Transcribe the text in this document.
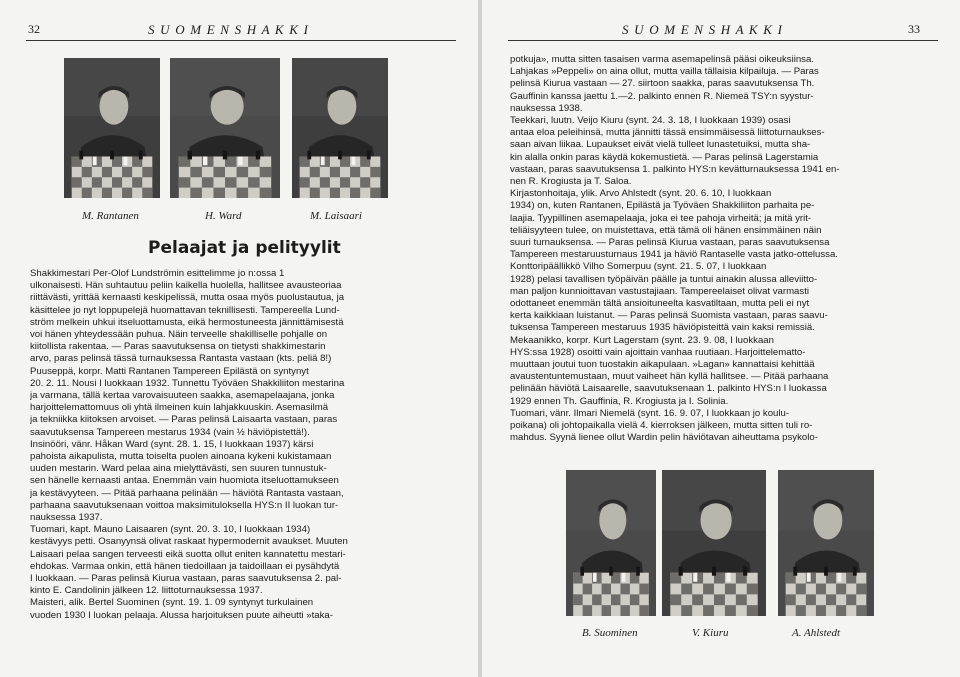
32	S U O M E N S H A K K I
M. Rantanen	H. Ward	M. Laisaari
Pelaajat ja pelityylit

Shakkimestari Per-Olof Lundströmin esittelimme jo n:ossa 1

ulkonaisesti. Hän suhtautuu peliin kaikella huolella, hallitsee avausteoriaa

riittävästi, yrittää kernaasti keskipelissä, mutta osaa myös puolustautua, ja

käsittelee jo nyt loppupelejä huomattavan teknillisesti. Tampereella Lund-

ström melkein uhkui itseluottamusta, eikä hermostuneesta jännittämisestä

voi hänen yhteydessään puhua. Näin terveelle shakilliselle pohjalle on

kiitollista rakentaa. — Paras saavutuksensa on tietysti shakkimestarin

arvo, paras pelinsä tässä turnauksessa Rantasta vastaan (kts. peliä 8!)

Puuseppä, korpr. Matti Rantanen Tampereen Epilästä on syntynyt

20. 2. 11. Nousi I luokkaan 1932. Tunnettu Työväen Shakkiliiton mestarina

ja varmana, tällä kertaa varovaisuuteen saakka, asemapelaajana, jonka

harjoittelemattomuus oli yhtä ilmeinen kuin lahjakkuuskin. Asemasilmä

ja tekniikka kiitoksen arvoiset. — Paras pelinsä Laisaarta vastaan, paras

saavutuksensa Tampereen mestarus 1934 (vain ½ häviöpistettä!).

Insinööri, vänr. Håkan Ward (synt. 28. 1. 15, I luokkaan 1937) kärsi

pahoista aikapulista, mutta toiselta puolen ainoana kykeni kukistamaan

uuden mestarin. Ward pelaa aina mielyttävästi, sen suuren tunnustuk-

sen hänelle kernaasti antaa. Enemmän vain huomiota itseluottamukseen

ja kestävyyteen. — Pitää parhaana pelinään — häviötä Rantasta vastaan,

parhaana saavutuksenaan voittoa maksimituloksella HYS:n II luokan tur-

nauksessa 1937.

Tuomari, kapt. Mauno Laisaaren (synt. 20. 3. 10, I luokkaan 1934)

kestävyys petti. Osanyynsä olivat raskaat hypermodernit avaukset. Muuten

Laisaari pelaa sangen terveesti eikä suotta ollut eniten kannatettu mestari-

ehdokas. Varmaa onkin, että hänen tiedoillaan ja taidoillaan ei pysähdytä

I luokkaan. — Paras pelinsä Kiurua vastaan, paras saavutuksensa 2. pal-

kinto E. Candolinin jälkeen 12. liittoturnauksessa 1937.

Maisteri, alik. Bertel Suominen (synt. 19. 1. 09 syntynyt turkulainen

vuoden 1930 I luokan pelaaja. Alussa harjoituksen puute aiheutti »taka-

S U O M E N S H A K K I	33

potkuja», mutta sitten tasaisen varma asemapelinsä pääsi oikeuksiinsa.

Lahjakas »Peppeli» on aina ollut, mutta vailla tällaisia kilpailuja. — Paras

pelinsä Kiurua vastaan — 27. siirtoon saakka, paras saavutuksensa Th.

Gauffinin kanssa jaettu 1.—2. palkinto ennen R. Niemeä TSY:n syystur-

nauksessa 1938.

Teekkari, luutn. Veijo Kiuru (synt. 24. 3. 18, I luokkaan 1939) osasi

antaa eloa peleihinsä, mutta jännitti tässä ensimmäisessä liittoturnaukses-

saan aivan liikaa. Lupaukset eivät vielä tulleet lunastetuiksi, mutta sha-

kin alalla onkin paras käydä kokemustietä. — Paras pelinsä Lagerstamia

vastaan, paras saavutuksensa 1. palkinto HYS:n kevätturnauksessa 1941 en-

nen R. Krogiusta ja T. Saloa.

Kirjastonhoitaja, ylik. Arvo Ahlstedt (synt. 20. 6. 10, I luokkaan

1934) on, kuten Rantanen, Epilästä ja Työväen Shakkiliiton parhaita pe-

laajia. Tyypillinen asemapelaaja, joka ei tee pahoja virheitä; ja mitä yrit-

teliäisyyteen tulee, on muistettava, että tämä oli hänen ensimmäinen näin

suuri turnauksensa. — Paras pelinsä Kiurua vastaan, paras saavutuksensa

Tampereen mestaruusturnaus 1941 ja häviö Rantaselle vasta jatko-ottelussa.

Konttoripäällikkö Vilho Somerpuu (synt. 21. 5. 07, I luokkaan

1928) pelasi tavallisen työpäivän päälle ja tuntui ainakin alussa alleviitto-

man paljon kunnioittavan vastustajiaan. Tampereelaiset olivat varmasti

odottaneet enemmän tältä ansioituneelta kasvatiltaan, mutta peli ei nyt

kerta kaikkiaan luistanut. — Paras pelinsä Suomista vastaan, paras saavu-

tuksensa Tampereen mestaruus 1935 häviöpisteittä vain kaksi remissiä.

Mekaanikko, korpr. Kurt Lagerstam (synt. 23. 9. 08, I luokkaan

HYS:ssa 1928) osoitti vain ajoittain vanhaa ruutiaan. Harjoittelematto-

muuttaan joutui tuon tuostakin aikapulaan. »Lagan» kannattaisi kehittää

avaustentuntemustaan, muut vaiheet hän kyllä hallitsee. — Pitää parhaana

pelinään häviötä Laisaarelle, saavutuksenaan 1. palkinto HYS:n I luokassa

1929 ennen Th. Gauffinia, R. Krogiusta ja I. Solinia.

Tuomari, vänr. Ilmari Niemelä (synt. 16. 9. 07, I luokkaan jo koulu-

poikana) oli johtopaikalla vielä 4. kierroksen jälkeen, mutta sitten tuli ro-

mahdus. Syynä lienee ollut Wardin pelin häviötavan aiheuttama psykolo-

B. Suominen	V. Kiuru	A. Ahlstedt
